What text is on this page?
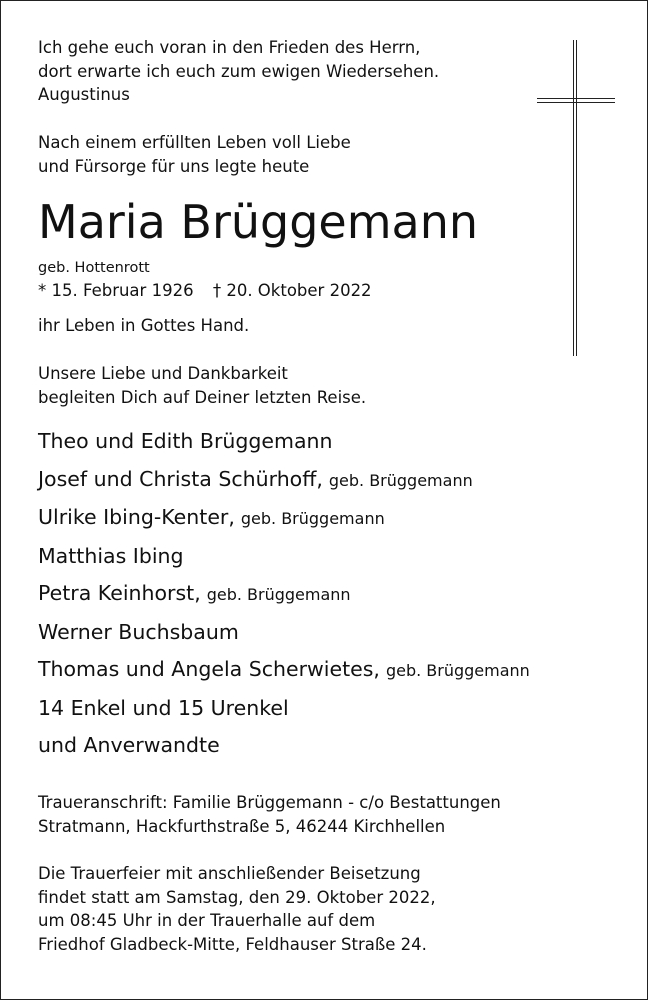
Ich gehe euch voran in den Frieden des Herrn,
dort erwarte ich euch zum ewigen Wiedersehen.
Augustinus
Nach einem erfüllten Leben voll Liebe
und Fürsorge für uns legte heute
Maria Brüggemann
geb. Hottenrott
* 15. Februar 1926 † 20. Oktober 2022
ihr Leben in Gottes Hand.
Unsere Liebe und Dankbarkeit
begleiten Dich auf Deiner letzten Reise.
Theo und Edith Brüggemann
Josef und Christa Schürhoff, geb. Brüggemann
Ulrike Ibing-Kenter, geb. Brüggemann
Matthias Ibing
Petra Keinhorst, geb. Brüggemann
Werner Buchsbaum
Thomas und Angela Scherwietes, geb. Brüggemann
14 Enkel und 15 Urenkel
und Anverwandte
Traueranschrift: Familie Brüggemann - c/o Bestattungen
Stratmann, Hackfurthstraße 5, 46244 Kirchhellen
Die Trauerfeier mit anschließender Beisetzung
findet statt am Samstag, den 29. Oktober 2022,
um 08:45 Uhr in der Trauerhalle auf dem
Friedhof Gladbeck-Mitte, Feldhauser Straße 24.
